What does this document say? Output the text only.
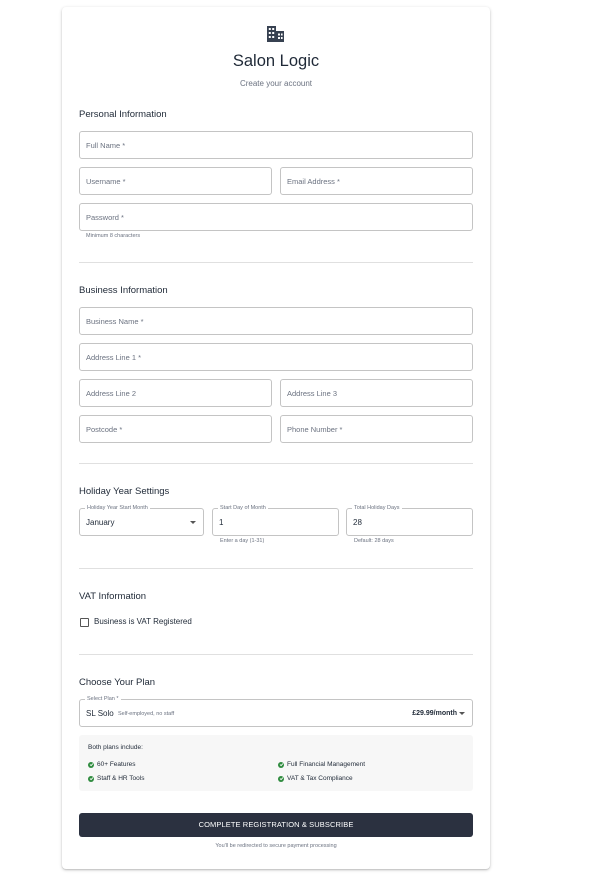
Salon Logic
Create your account
Personal Information
Full Name *
Username *	Email Address *
Password *
Minimum 8 characters
Business Information
Business Name *
Address Line 1 *
Address Line 2	Address Line 3
Postcode *	Phone Number *
Holiday Year Settings
Holiday Year Start Month
January
Start Day of Month
1
Enter a day (1-31)
Total Holiday Days
28
Default: 28 days
VAT Information
Business is VAT Registered
Choose Your Plan
Select Plan *
SL Solo Self-employed, no staff	£29.99/month
Both plans include:
60+ Features	Full Financial Management
Staff & HR Tools	VAT & Tax Compliance
COMPLETE REGISTRATION & SUBSCRIBE
You'll be redirected to secure payment processing
